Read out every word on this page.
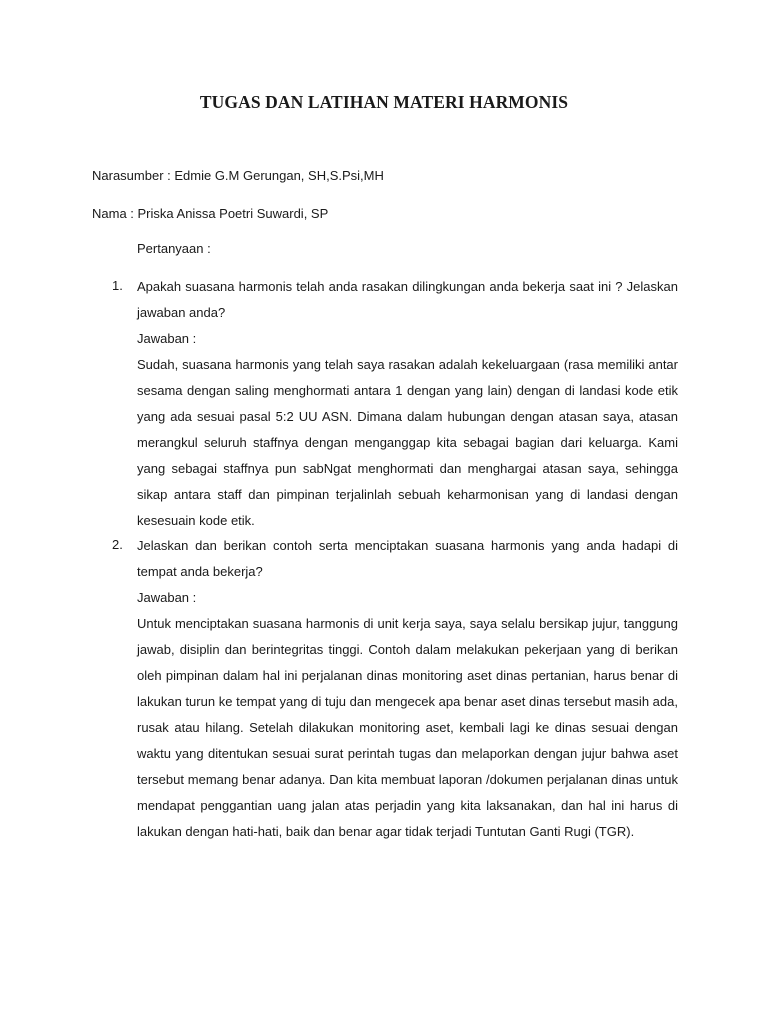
TUGAS DAN LATIHAN MATERI HARMONIS
Narasumber : Edmie G.M Gerungan, SH,S.Psi,MH
Nama : Priska Anissa Poetri Suwardi, SP
Pertanyaan :
1. Apakah suasana harmonis telah anda rasakan dilingkungan anda bekerja saat ini ? Jelaskan jawaban anda?

Jawaban :

Sudah, suasana harmonis yang telah saya rasakan adalah kekeluargaan (rasa memiliki antar sesama dengan saling menghormati antara 1 dengan yang lain) dengan di landasi kode etik yang ada sesuai pasal 5:2 UU ASN. Dimana dalam hubungan dengan atasan saya, atasan merangkul seluruh staffnya dengan menganggap kita sebagai bagian dari keluarga. Kami yang sebagai staffnya pun sabNgat menghormati dan menghargai atasan saya, sehingga sikap antara staff dan pimpinan terjalinlah sebuah keharmonisan yang di landasi dengan kesesuain kode etik.

2. Jelaskan dan berikan contoh serta menciptakan suasana harmonis yang anda hadapi di tempat anda bekerja?

Jawaban :

Untuk menciptakan suasana harmonis di unit kerja saya, saya selalu bersikap jujur, tanggung jawab, disiplin dan berintegritas tinggi. Contoh dalam melakukan pekerjaan yang di berikan oleh pimpinan dalam hal ini perjalanan dinas monitoring aset dinas pertanian, harus benar di lakukan turun ke tempat yang di tuju dan mengecek apa benar aset dinas tersebut masih ada, rusak atau hilang. Setelah dilakukan monitoring aset, kembali lagi ke dinas sesuai dengan waktu yang ditentukan sesuai surat perintah tugas dan melaporkan dengan jujur bahwa aset tersebut memang benar adanya. Dan kita membuat laporan /dokumen perjalanan dinas untuk mendapat penggantian uang jalan atas perjadin yang kita laksanakan, dan hal ini harus di lakukan dengan hati-hati, baik dan benar agar tidak terjadi Tuntutan Ganti Rugi (TGR).
